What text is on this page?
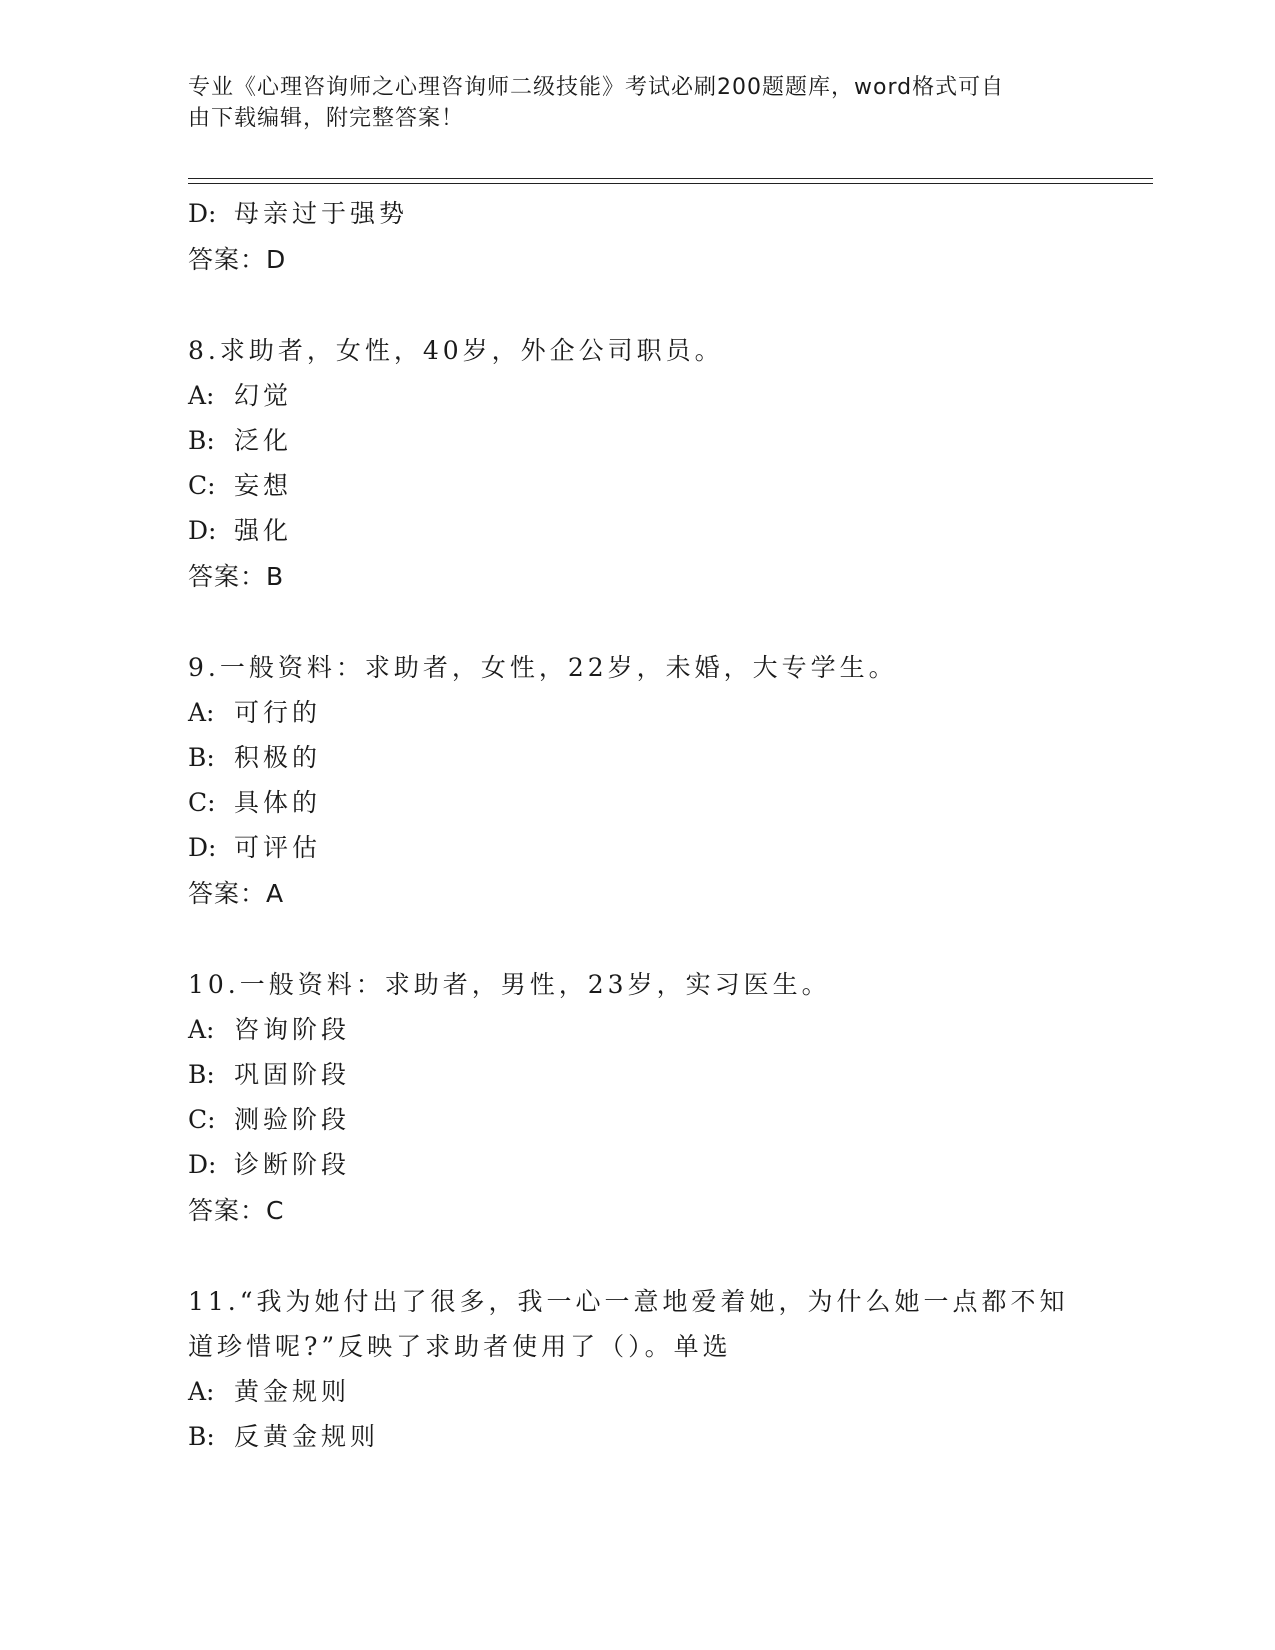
专业《心理咨询师之心理咨询师二级技能》考试必刷200题题库，word格式可自
由下载编辑，附完整答案！
D: 母亲过于强势
答案：D
8.求助者，女性，40岁，外企公司职员。
A: 幻觉
B: 泛化
C: 妄想
D: 强化
答案：B
9.一般资料：求助者，女性，22岁，未婚，大专学生。
A: 可行的
B: 积极的
C: 具体的
D: 可评估
答案：A
10.一般资料：求助者，男性，23岁，实习医生。
A: 咨询阶段
B: 巩固阶段
C: 测验阶段
D: 诊断阶段
答案：C
11.“我为她付出了很多，我一心一意地爱着她，为什么她一点都不知
道珍惜呢?”反映了求助者使用了（）。单选
A: 黄金规则
B: 反黄金规则
